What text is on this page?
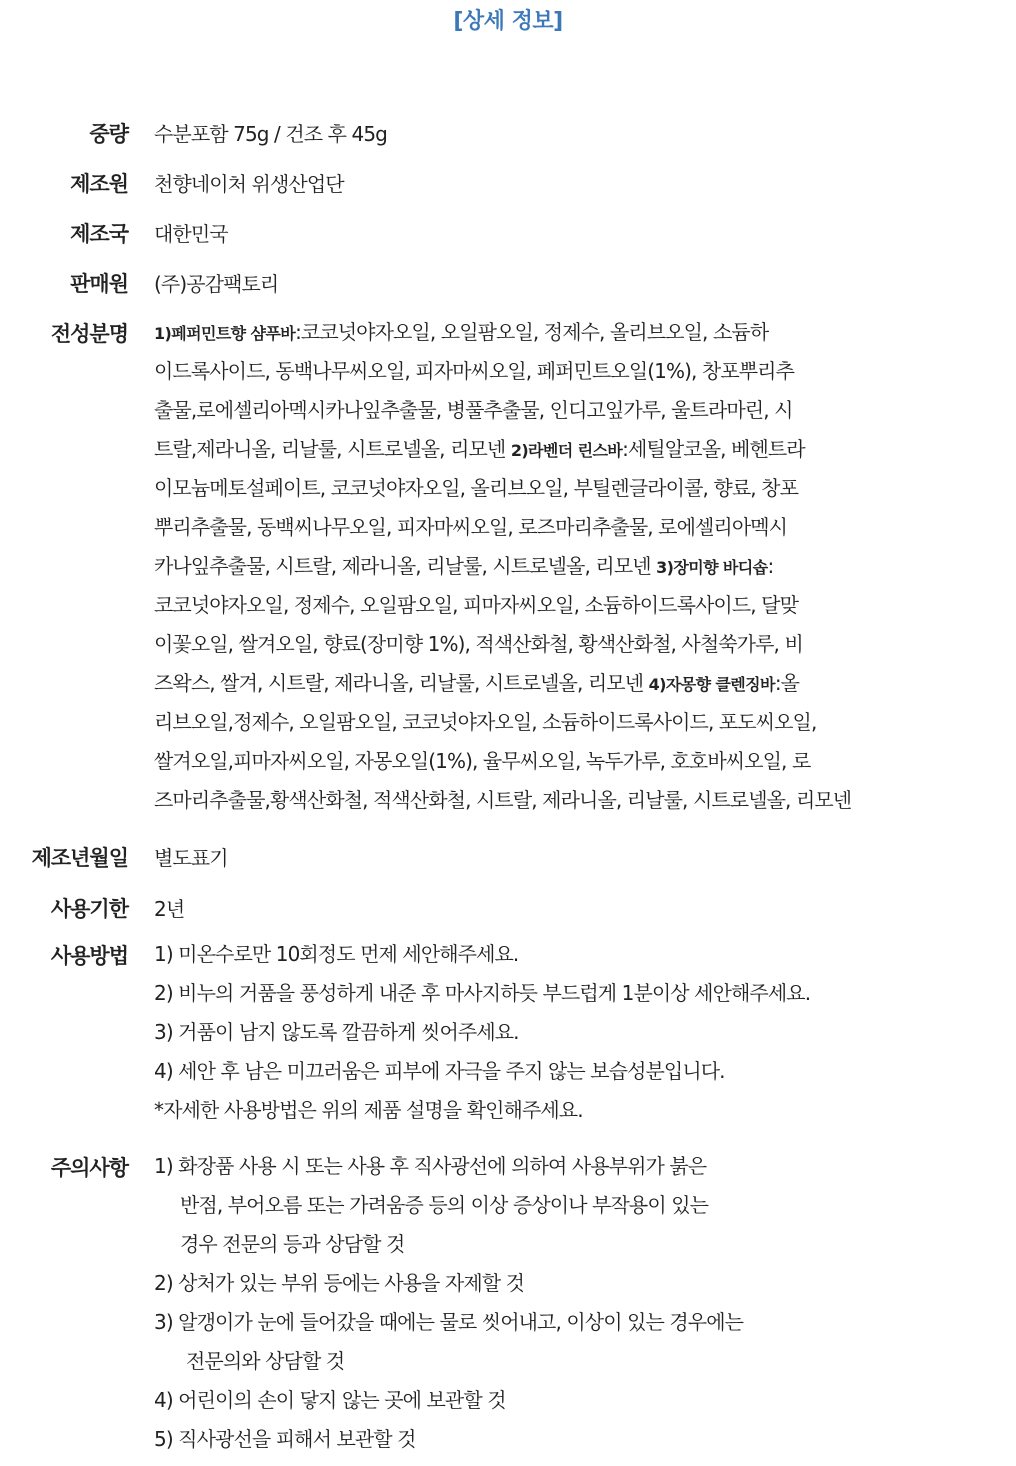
[상세 정보]
중량 수분포함 75g / 건조 후 45g
제조원 천향네이처 위생산업단
제조국 대한민국
판매원 (주)공감팩토리
전성분명 1)페퍼민트향 샴푸바:코코넛야자오일, 오일팜오일, 정제수, 올리브오일, 소듐하
이드록사이드, 동백나무씨오일, 피자마씨오일, 페퍼민트오일(1%), 창포뿌리추
출물,로에셀리아멕시카나잎추출물, 병풀추출물, 인디고잎가루, 울트라마린, 시
트랄,제라니올, 리날룰, 시트로넬올, 리모넨 2)라벤더 린스바:세틸알코올, 베헨트라
이모늄메토설페이트, 코코넛야자오일, 올리브오일, 부틸렌글라이콜, 향료, 창포
뿌리추출물, 동백씨나무오일, 피자마씨오일, 로즈마리추출물, 로에셀리아멕시
카나잎추출물, 시트랄, 제라니올, 리날룰, 시트로넬올, 리모넨 3)장미향 바디솝:
코코넛야자오일, 정제수, 오일팜오일, 피마자씨오일, 소듐하이드록사이드, 달맞
이꽃오일, 쌀겨오일, 향료(장미향 1%), 적색산화철, 황색산화철, 사철쑥가루, 비
즈왁스, 쌀겨, 시트랄, 제라니올, 리날룰, 시트로넬올, 리모넨 4)자몽향 클렌징바:올
리브오일,정제수, 오일팜오일, 코코넛야자오일, 소듐하이드록사이드, 포도씨오일,
쌀겨오일,피마자씨오일, 자몽오일(1%), 율무씨오일, 녹두가루, 호호바씨오일, 로
즈마리추출물,황색산화철, 적색산화철, 시트랄, 제라니올, 리날룰, 시트로넬올, 리모넨
제조년월일 별도표기
사용기한 2년
사용방법 1) 미온수로만 10회정도 먼제 세안해주세요.
2) 비누의 거품을 풍성하게 내준 후 마사지하듯 부드럽게 1분이상 세안해주세요.
3) 거품이 남지 않도록 깔끔하게 씻어주세요.
4) 세안 후 남은 미끄러움은 피부에 자극을 주지 않는 보습성분입니다.
*자세한 사용방법은 위의 제품 설명을 확인해주세요.
주의사항 1) 화장품 사용 시 또는 사용 후 직사광선에 의하여 사용부위가 붉은
반점, 부어오름 또는 가려움증 등의 이상 증상이나 부작용이 있는
경우 전문의 등과 상담할 것
2) 상처가 있는 부위 등에는 사용을 자제할 것
3) 알갱이가 눈에 들어갔을 때에는 물로 씻어내고, 이상이 있는 경우에는
전문의와 상담할 것
4) 어린이의 손이 닿지 않는 곳에 보관할 것
5) 직사광선을 피해서 보관할 것
